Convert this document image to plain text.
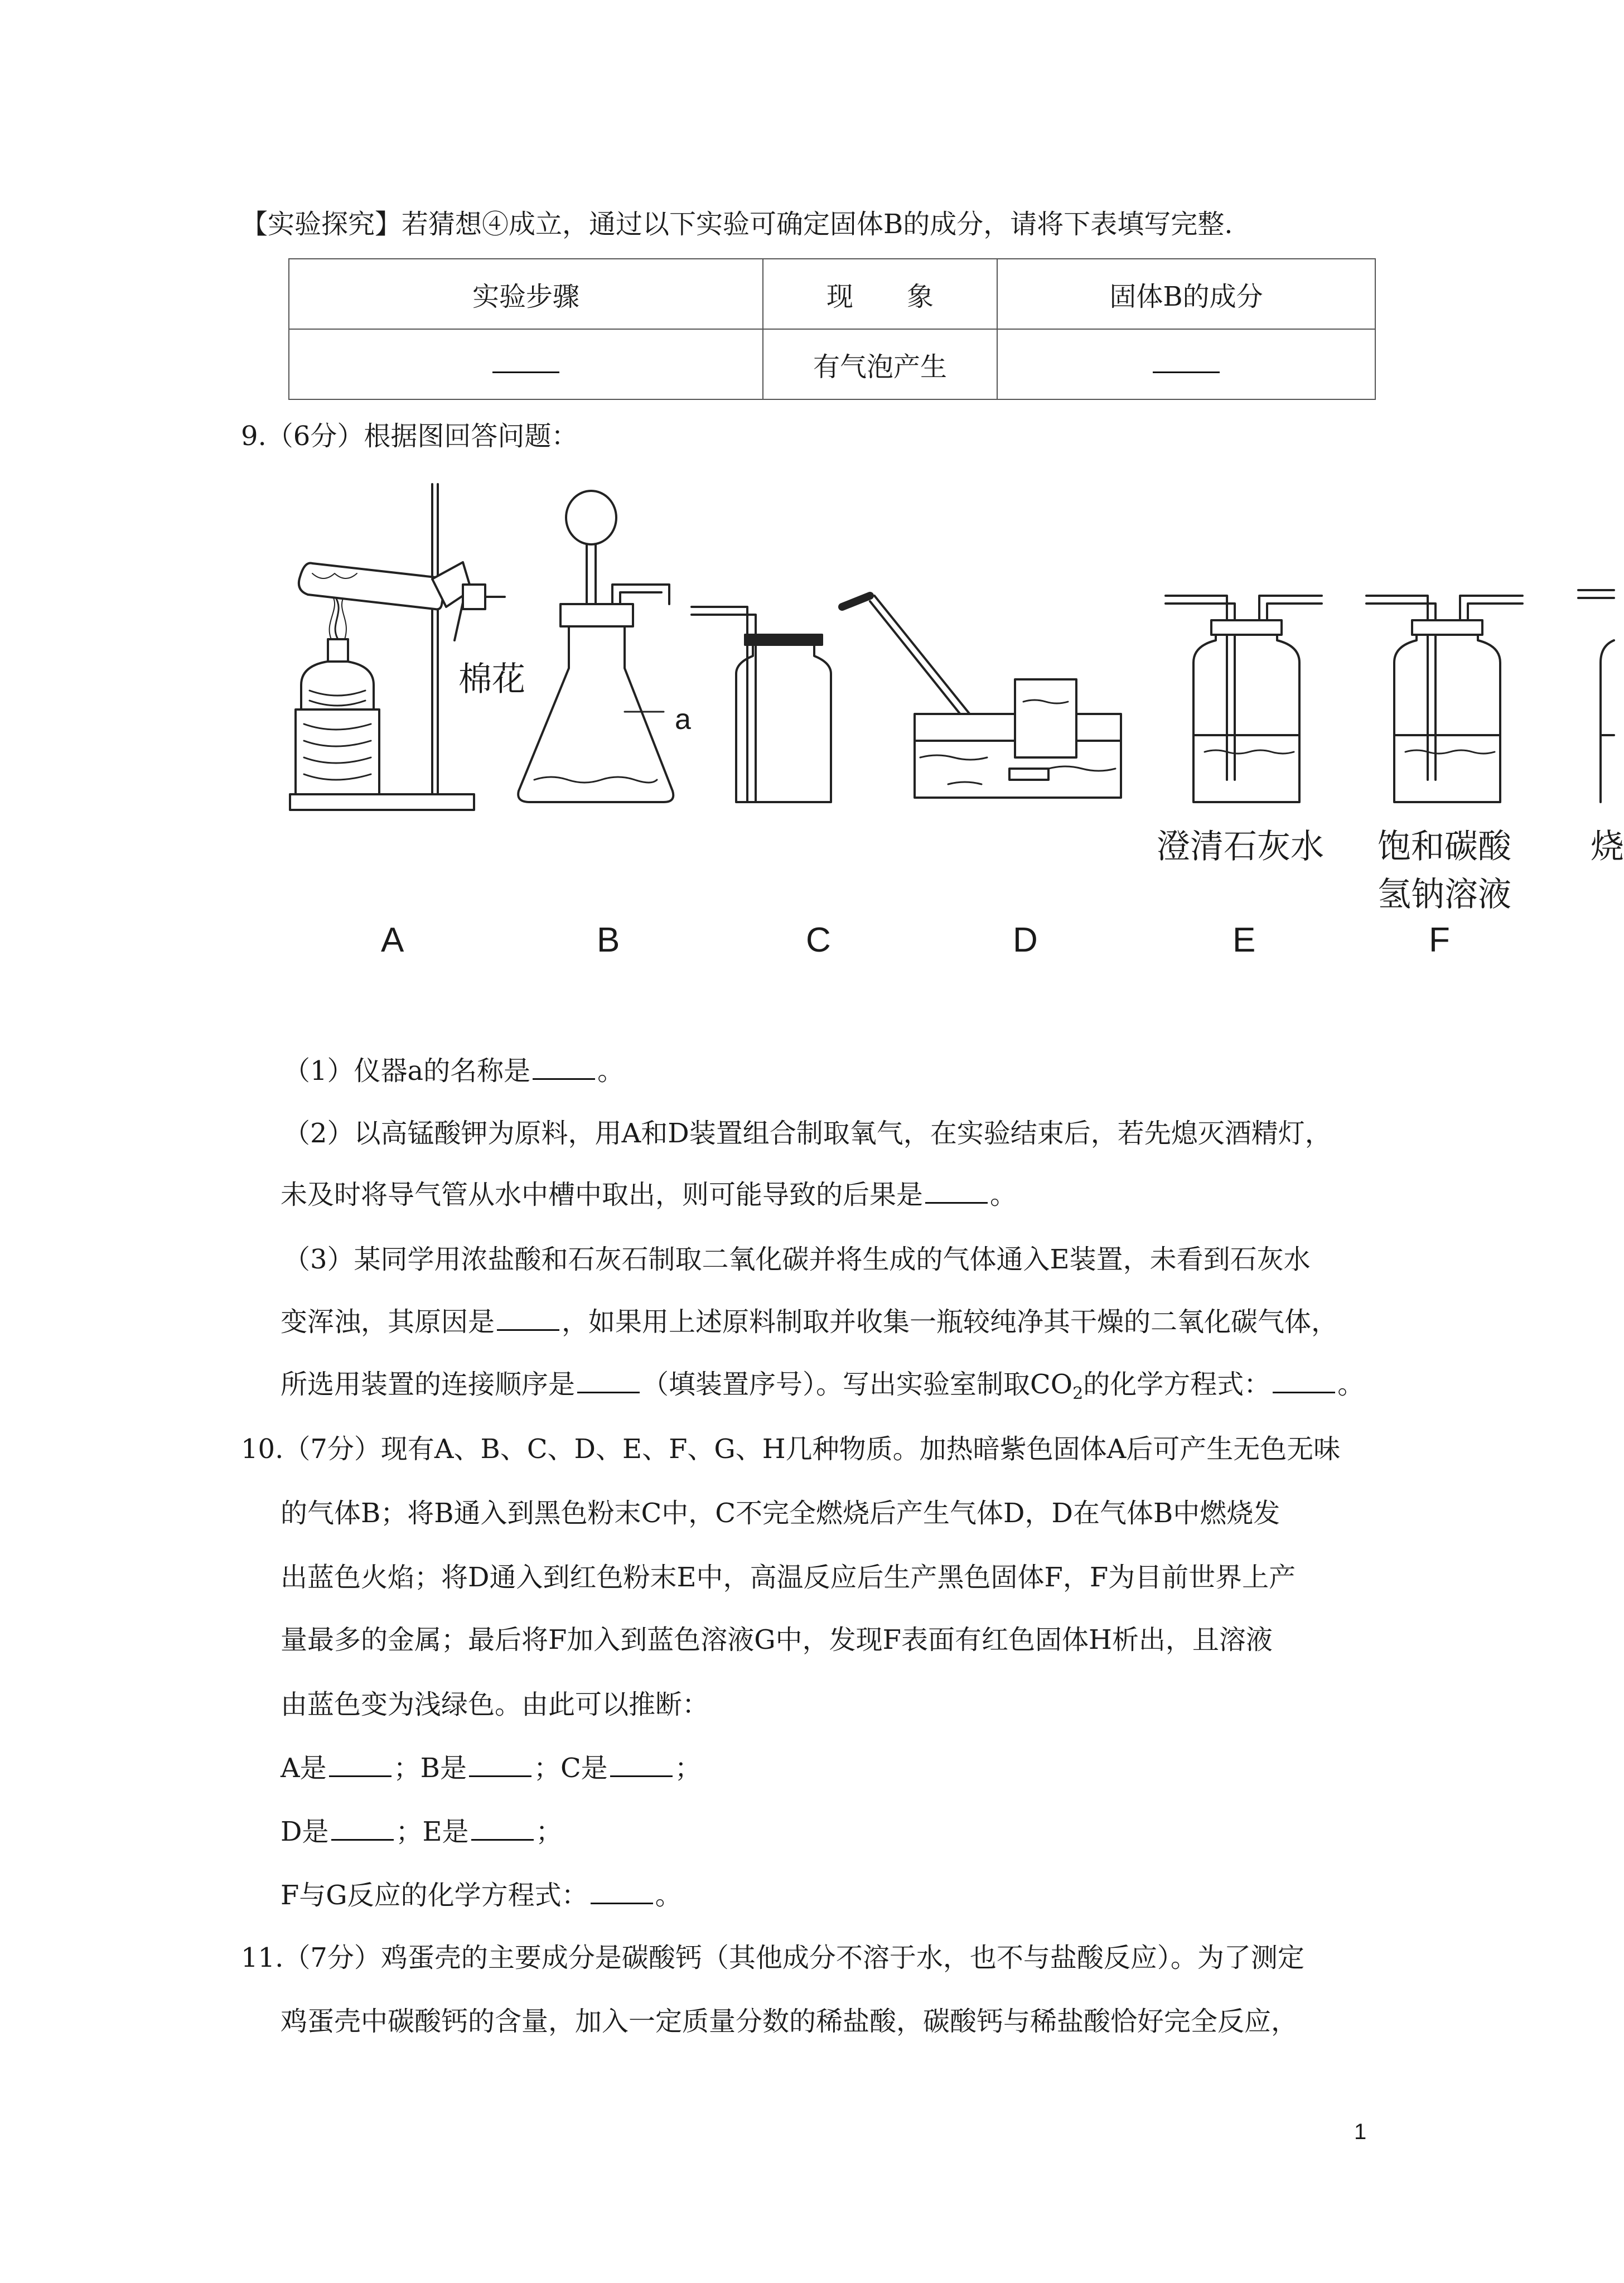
【实验探究】若猜想④成立，通过以下实验可确定固体B的成分，请将下表填写完整.
实验步骤	现　　象	固体B的成分
	有气泡产生	
9.（6分）根据图回答问题：
棉花
a
澄清石灰水 饱和碳酸
氢钠溶液
烧
A	B	C	D	E	F
（1）仪器a的名称是	。
（2）以高锰酸钾为原料，用A和D装置组合制取氧气，在实验结束后，若先熄灭酒精灯，
未及时将导气管从水中槽中取出，则可能导致的后果是	。
（3）某同学用浓盐酸和石灰石制取二氧化碳并将生成的气体通入E装置，未看到石灰水
变浑浊，其原因是	，如果用上述原料制取并收集一瓶较纯净其干燥的二氧化碳气体，
所选用装置的连接顺序是	（填装置序号）。写出实验室制取$CO_2$的化学方程式：	。
10.（7分）现有A、B、C、D、E、F、G、H几种物质。加热暗紫色固体A后可产生无色无味
的气体B；将B通入到黑色粉末C中，C不完全燃烧后产生气体D，D在气体B中燃烧发
出蓝色火焰；将D通入到红色粉末E中，高温反应后生产黑色固体F，F为目前世界上产
量最多的金属；最后将F加入到蓝色溶液G中，发现F表面有红色固体H析出，且溶液
由蓝色变为浅绿色。由此可以推断：
A是	；B是	；C是	；
D是	；E是	；
F与G反应的化学方程式：	。
11.（7分）鸡蛋壳的主要成分是碳酸钙（其他成分不溶于水，也不与盐酸反应）。为了测定
鸡蛋壳中碳酸钙的含量，加入一定质量分数的稀盐酸，碳酸钙与稀盐酸恰好完全反应，
1
